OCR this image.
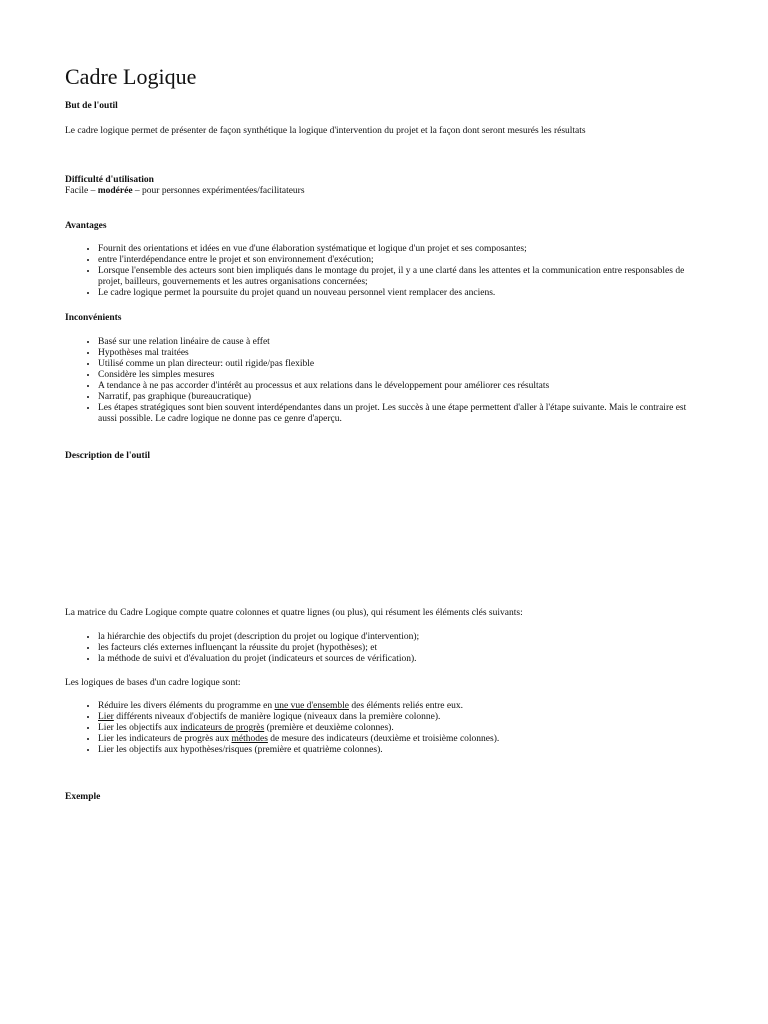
Cadre Logique
But de l'outil
Le cadre logique permet de présenter de façon synthétique la logique d'intervention du projet et la façon dont seront mesurés les résultats
Difficulté d'utilisation
Facile – modérée – pour personnes expérimentées/facilitateurs
Avantages
• Fournit des orientations et idées en vue d'une élaboration systématique et logique d'un projet et ses composantes;
• entre l'interdépendance entre le projet et son environnement d'exécution;
• Lorsque l'ensemble des acteurs sont bien impliqués dans le montage du projet, il y a une clarté dans les attentes et la communication entre responsables de projet, bailleurs, gouvernements et les autres organisations concernées;
• Le cadre logique permet la poursuite du projet quand un nouveau personnel vient remplacer des anciens.
Inconvénients
• Basé sur une relation linéaire de cause à effet
• Hypothèses mal traitées
• Utilisé comme un plan directeur: outil rigide/pas flexible
• Considère les simples mesures
• A tendance à ne pas accorder d'intérêt au processus et aux relations dans le développement pour améliorer ces résultats
• Narratif, pas graphique (bureaucratique)
• Les étapes stratégiques sont bien souvent interdépendantes dans un projet. Les succès à une étape permettent d'aller à l'étape suivante. Mais le contraire est aussi possible. Le cadre logique ne donne pas ce genre d'aperçu.
Description de l'outil
La matrice du Cadre Logique compte quatre colonnes et quatre lignes (ou plus), qui résument les éléments clés suivants:
• la hiérarchie des objectifs du projet (description du projet ou logique d'intervention);
• les facteurs clés externes influençant la réussite du projet (hypothèses); et
• la méthode de suivi et d'évaluation du projet (indicateurs et sources de vérification).
Les logiques de bases d'un cadre logique sont:
• Réduire les divers éléments du programme en une vue d'ensemble des éléments reliés entre eux.
• Lier différents niveaux d'objectifs de manière logique (niveaux dans la première colonne).
• Lier les objectifs aux indicateurs de progrès (première et deuxième colonnes).
• Lier les indicateurs de progrès aux méthodes de mesure des indicateurs (deuxième et troisième colonnes).
• Lier les objectifs aux hypothèses/risques (première et quatrième colonnes).
Exemple
